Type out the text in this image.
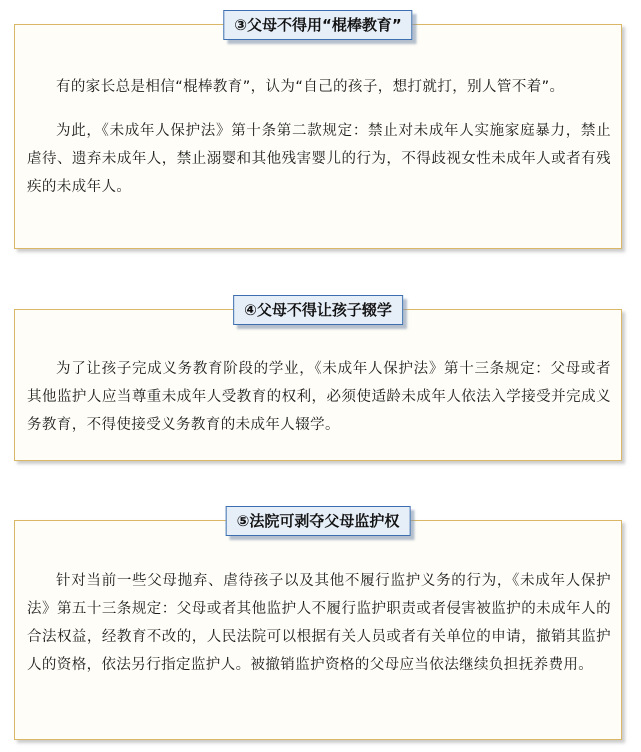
③父母不得用“棍棒教育”

有的家长总是相信“棍棒教育”，认为“自己的孩子，想打就打，别人管不着”。

为此，《未成年人保护法》第十条第二款规定：禁止对未成年人实施家庭暴力，禁止虐待、遗弃未成年人，禁止溺婴和其他残害婴儿的行为，不得歧视女性未成年人或者有残疾的未成年人。

④父母不得让孩子辍学

为了让孩子完成义务教育阶段的学业，《未成年人保护法》第十三条规定：父母或者其他监护人应当尊重未成年人受教育的权利，必须使适龄未成年人依法入学接受并完成义务教育，不得使接受义务教育的未成年人辍学。

⑤法院可剥夺父母监护权

针对当前一些父母抛弃、虐待孩子以及其他不履行监护义务的行为，《未成年人保护法》第五十三条规定：父母或者其他监护人不履行监护职责或者侵害被监护的未成年人的合法权益，经教育不改的，人民法院可以根据有关人员或者有关单位的申请，撤销其监护人的资格，依法另行指定监护人。被撤销监护资格的父母应当依法继续负担抚养费用。
